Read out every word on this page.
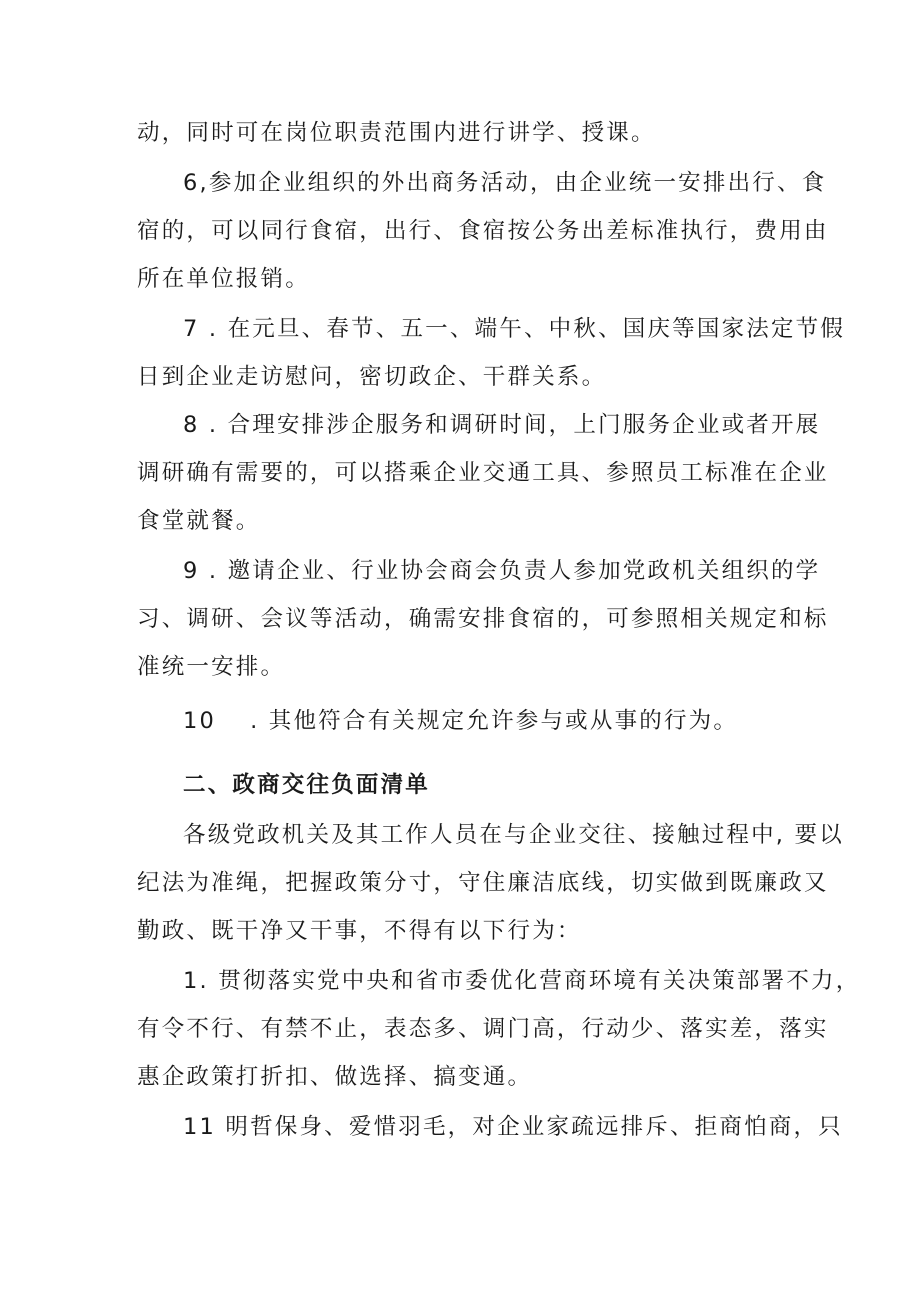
动，同时可在岗位职责范围内进行讲学、授课。

6,参加企业组织的外出商务活动，由企业统一安排出行、食

宿的，可以同行食宿，出行、食宿按公务出差标准执行，费用由

所在单位报销。

7 . 在元旦、春节、五一、端午、中秋、国庆等国家法定节假

日到企业走访慰问，密切政企、干群关系。

8 . 合理安排涉企服务和调研时间，上门服务企业或者开展

调研确有需要的，可以搭乘企业交通工具、参照员工标准在企业

食堂就餐。

9 . 邀请企业、行业协会商会负责人参加党政机关组织的学

习、调研、会议等活动，确需安排食宿的，可参照相关规定和标

准统一安排。

10　 . 其他符合有关规定允许参与或从事的行为。

二、政商交往负面清单

各级党政机关及其工作人员在与企业交往、接触过程中, 要以

纪法为准绳，把握政策分寸，守住廉洁底线，切实做到既廉政又

勤政、既干净又干事，不得有以下行为：

1. 贯彻落实党中央和省市委优化营商环境有关决策部署不力，

有令不行、有禁不止，表态多、调门高，行动少、落实差，落实

惠企政策打折扣、做选择、搞变通。

11 明哲保身、爱惜羽毛，对企业家疏远排斥、拒商怕商，只
